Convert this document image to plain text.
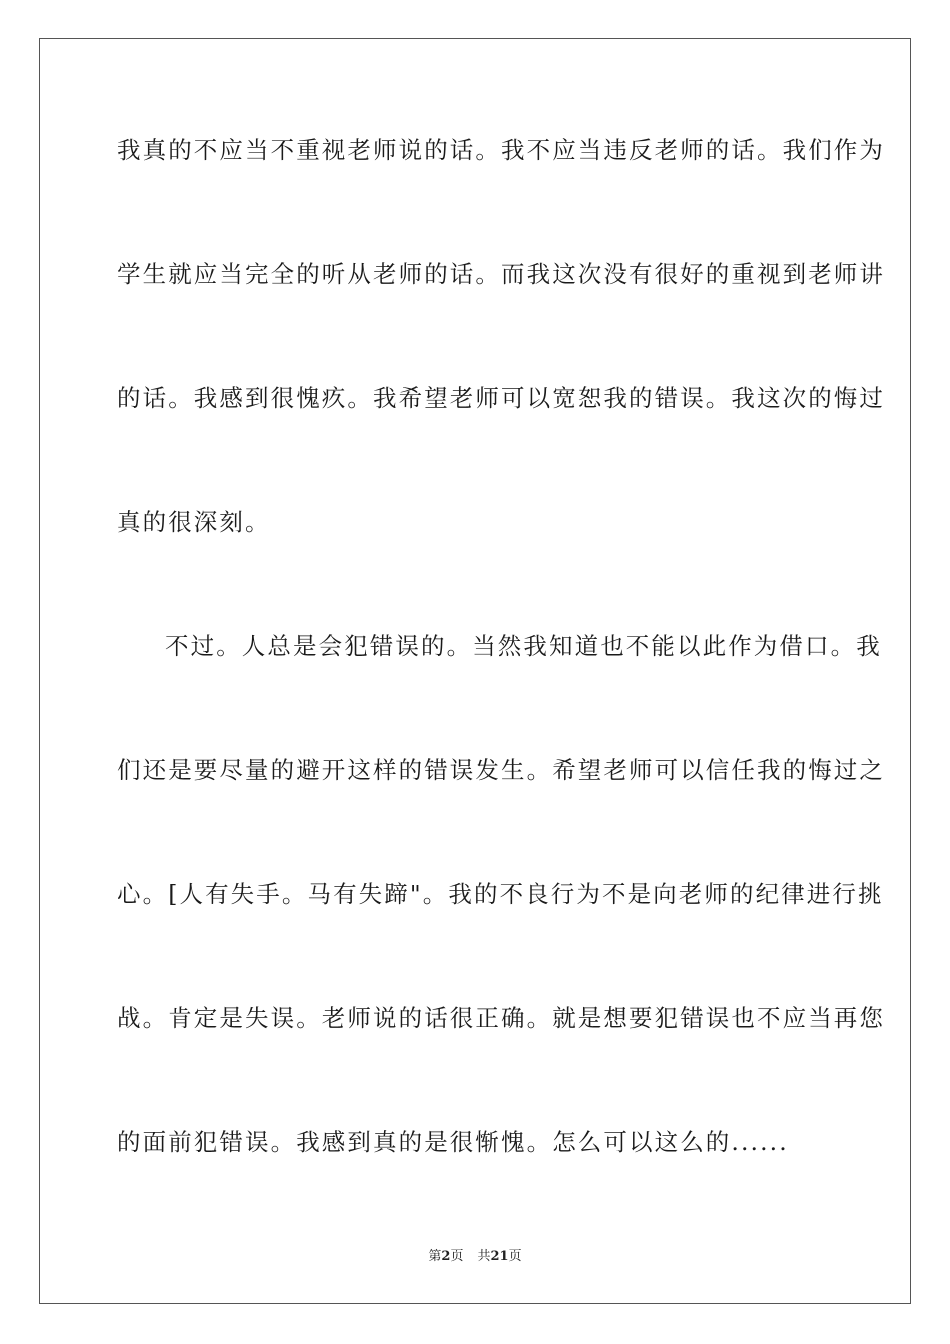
我真的不应当不重视老师说的话。我不应当违反老师的话。我们作为
学生就应当完全的听从老师的话。而我这次没有很好的重视到老师讲
的话。我感到很愧疚。我希望老师可以宽恕我的错误。我这次的悔过
真的很深刻。
不过。人总是会犯错误的。当然我知道也不能以此作为借口。我
们还是要尽量的避开这样的错误发生。希望老师可以信任我的悔过之
心。[人有失手。马有失蹄"。我的不良行为不是向老师的纪律进行挑
战。肯定是失误。老师说的话很正确。就是想要犯错误也不应当再您
的面前犯错误。我感到真的是很惭愧。怎么可以这么的......
第2页 共21页
